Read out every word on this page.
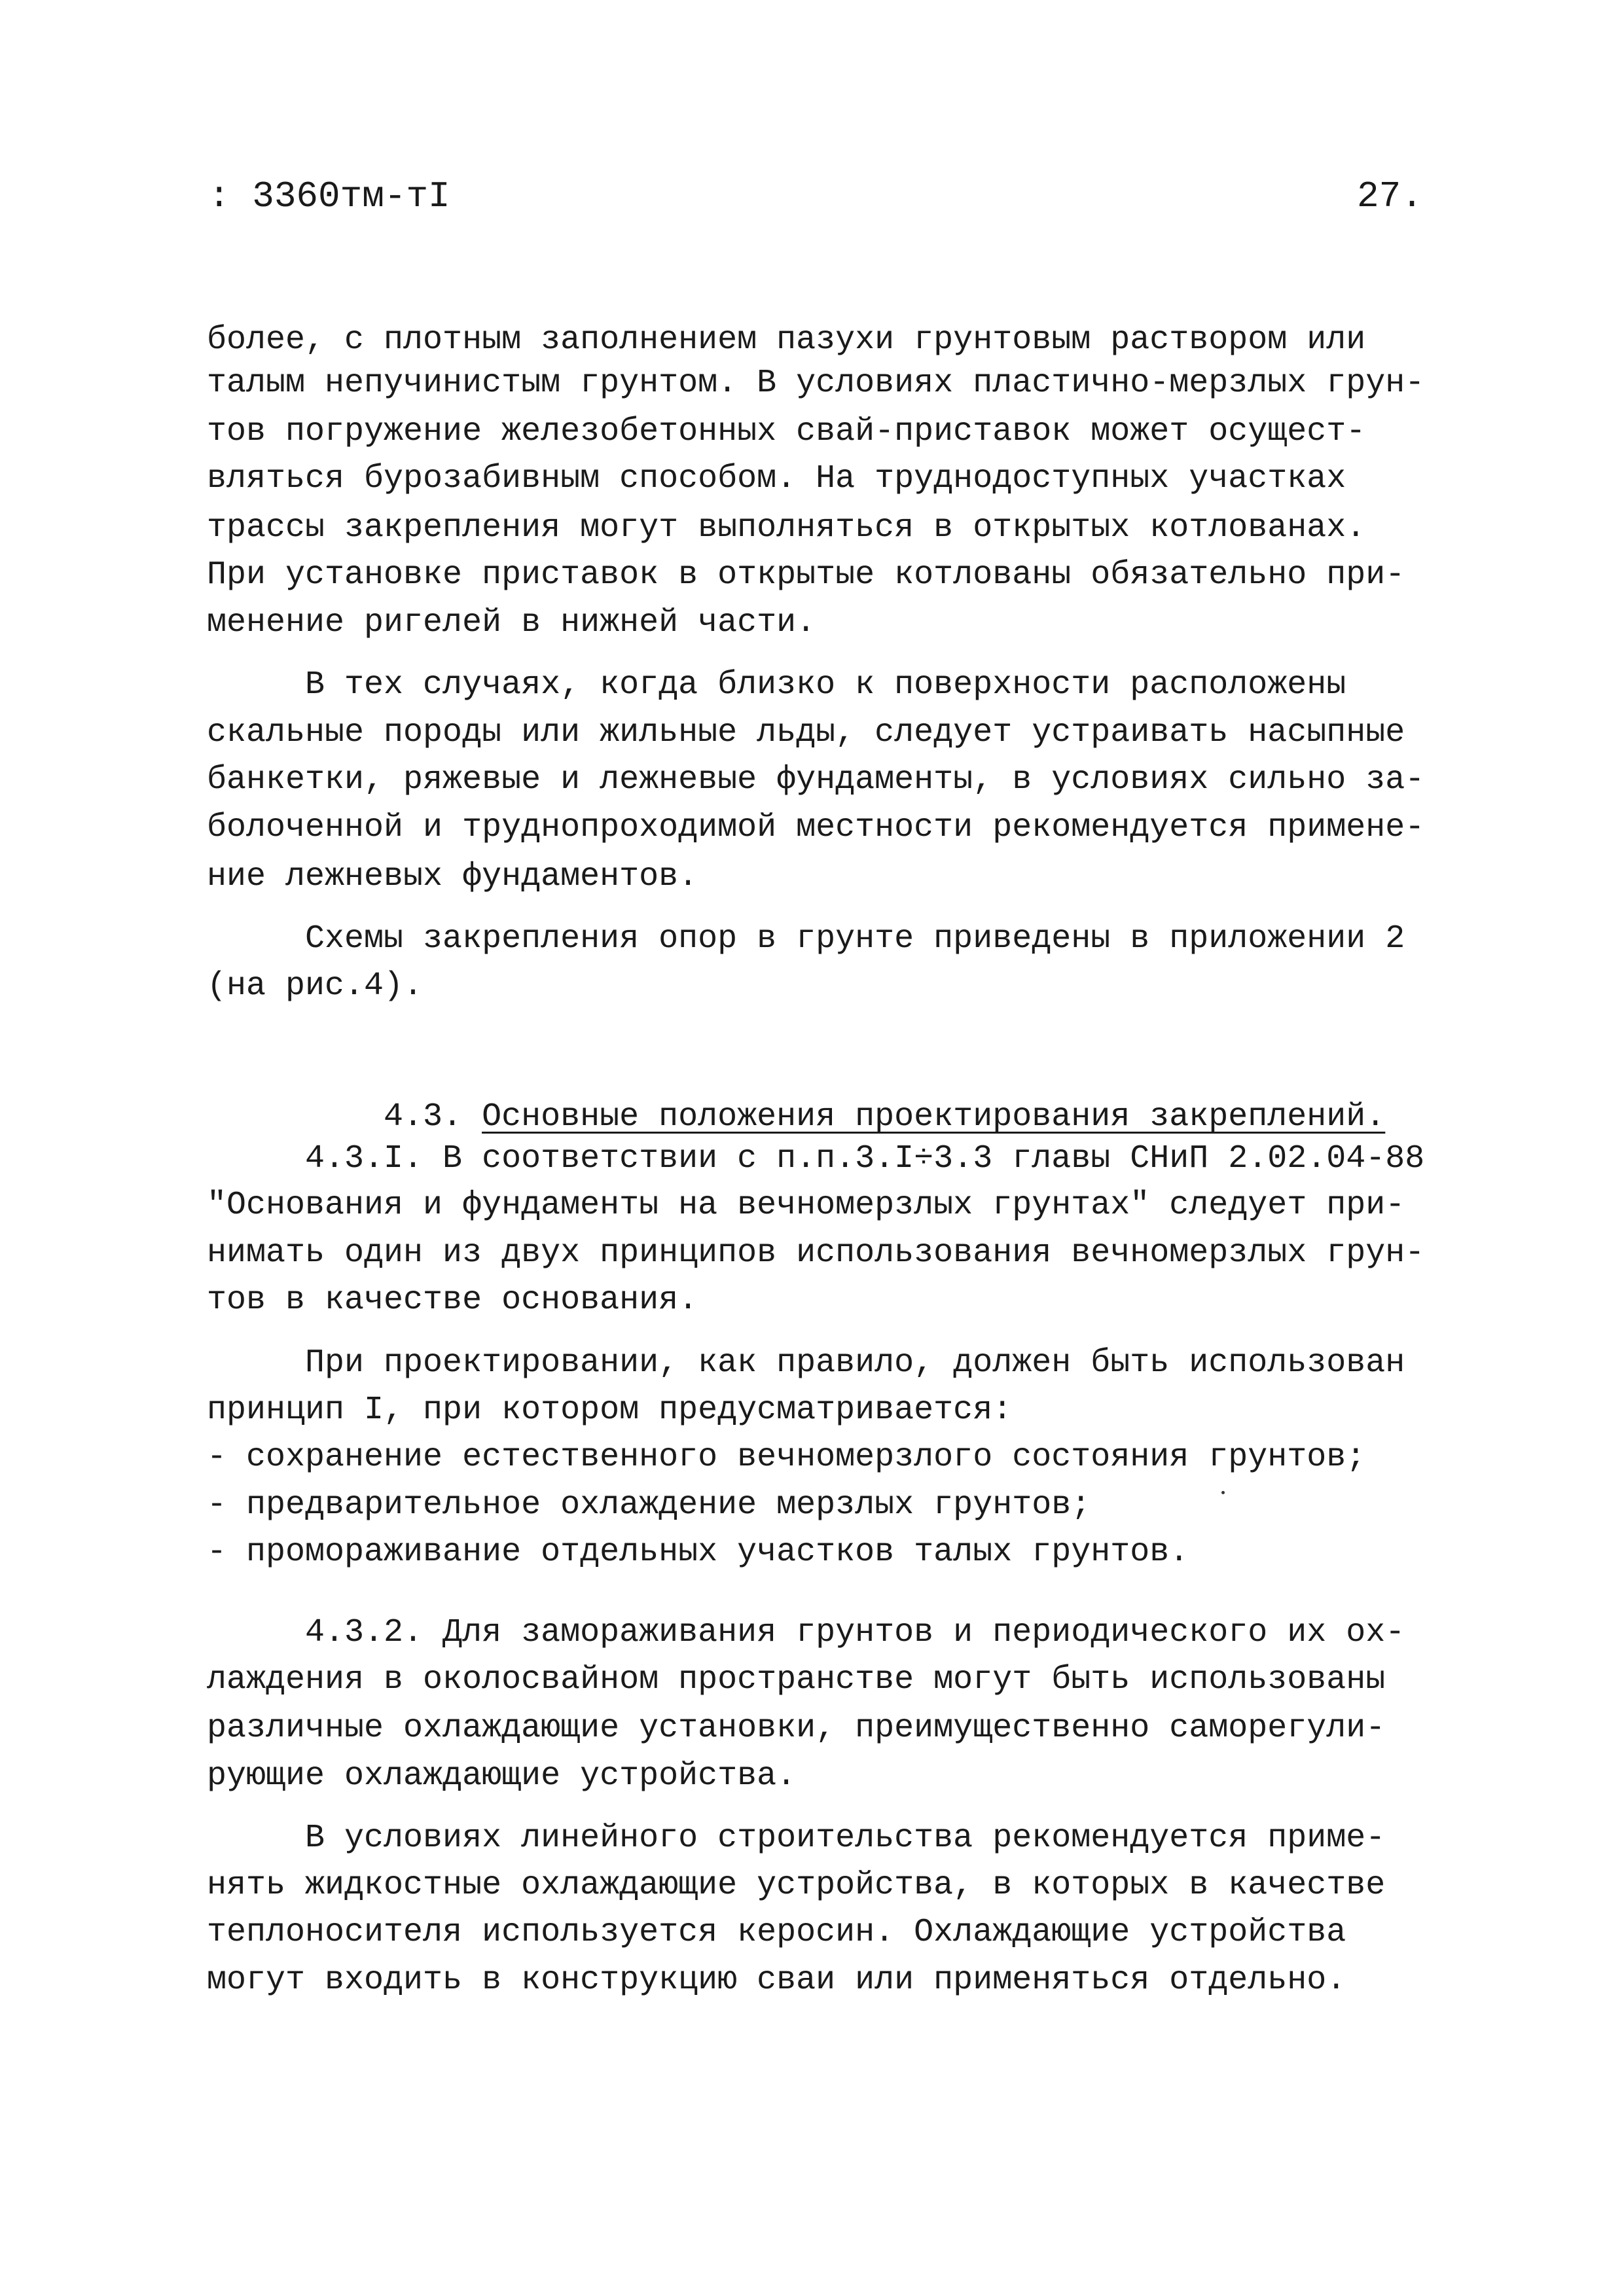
: 3360тм-тI	27.
более, с плотным заполнением пазухи грунтовым раствором или
талым непучинистым грунтом. В условиях пластично-мерзлых грун-
тов погружение железобетонных свай-приставок может осущест-
вляться бурозабивным способом. На труднодоступных участках
трассы закрепления могут выполняться в открытых котлованах.
При установке приставок в открытые котлованы обязательно при-
менение ригелей в нижней части.
В тех случаях, когда близко к поверхности расположены
скальные породы или жильные льды, следует устраивать насыпные
банкетки, ряжевые и лежневые фундаменты, в условиях сильно за-
болоченной и труднопроходимой местности рекомендуется примене-
ние лежневых фундаментов.
Схемы закрепления опор в грунте приведены в приложении 2
(на рис.4).

4.3. Основные положения проектирования закреплений.

4.3.I. В соответствии с п.п.3.I÷3.3 главы СНиП 2.02.04-88
"Основания и фундаменты на вечномерзлых грунтах" следует при-
нимать один из двух принципов использования вечномерзлых грун-
тов в качестве основания.
При проектировании, как правило, должен быть использован
принцип I, при котором предусматривается:
- сохранение естественного вечномерзлого состояния грунтов;
- предварительное охлаждение мерзлых грунтов;
- промораживание отдельных участков талых грунтов.
4.3.2. Для замораживания грунтов и периодического их ох-
лаждения в околосвайном пространстве могут быть использованы
различные охлаждающие установки, преимущественно саморегули-
рующие охлаждающие устройства.
В условиях линейного строительства рекомендуется приме-
нять жидкостные охлаждающие устройства, в которых в качестве
теплоносителя используется керосин. Охлаждающие устройства
могут входить в конструкцию сваи или применяться отдельно.
